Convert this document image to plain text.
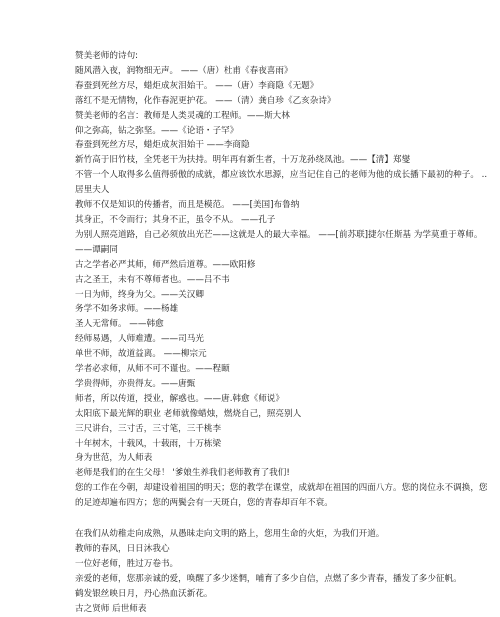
赞美老师的诗句:
随风潜入夜，润物细无声。 ——（唐）杜甫《春夜喜雨》
春蚕到死丝方尽，蜡炬成灰泪始干。 ——（唐）李商隐《无题》
落红不是无情物，化作春泥更护花。 ——（清）龚自珍《乙亥杂诗》
赞美老师的名言：教师是人类灵魂的工程师。——斯大林
仰之弥高，钻之弥坚。——《论语・子罕》
春蚕到死丝方尽，蜡炬成灰泪始干 ——李商隐
新竹高于旧竹枝，全凭老干为扶持。明年再有新生者，十万龙孙绕凤池。——【清】郑燮
不管一个人取得多么值得骄傲的成就，都应该饮水思源，应当记住自己的老师为他的成长播下最初的种子。 ..居里夫人
教师不仅是知识的传播者，而且是模范。 ——[美国]布鲁纳
其身正，不令而行；其身不正，虽令不从。 ——孔子
为别人照亮道路，自己必须放出光芒——这就是人的最大幸福。 ——[前苏联]捷尔任斯基 为学莫重于尊师。——谭嗣同
古之学者必严其师，师严然后道尊。——欧阳修
古之圣王，未有不尊师者也。——吕不韦
一日为师，终身为父。——关汉卿
务学不如务求师。——杨雄
圣人无常师。 ——韩愈
经师易遇，人师难遭。——司马光
单世不师，故道益离。 ——柳宗元
学者必求师，从师不可不谨也。——程颐
学贵得师，亦贵得友。——唐甄
师者，所以传道，授业，解惑也。——唐.韩愈《师说》
太阳底下最光辉的职业 老师就像蜡烛，燃烧自己，照亮别人
三尺讲台，三寸舌，三寸笔，三千桃李
十年树木，十载风，十载雨，十万栋梁
身为世范，为人师表
老师是我们的在生父母！ '爹娘生养我们老师教育了我们!
您的工作在今朝，却建设着祖国的明天；您的教学在课堂，成就却在祖国的四面八方。您的岗位永不调换，您的足迹却遍布四方；您的两鬓会有一天斑白，您的青春却百年不衰。
在我们从幼稚走向成熟，从愚昧走向文明的路上，您用生命的火炬，为我们开道。
教师的春风，日日沐我心
一位好老师，胜过万卷书。
亲爱的老师，您那亲诚的爱，唤醒了多少迷惘，哺育了多少自信，点燃了多少青春，播发了多少征帆。
鹤发银丝映日月，丹心热血沃新花。
古之贤师 后世师表
